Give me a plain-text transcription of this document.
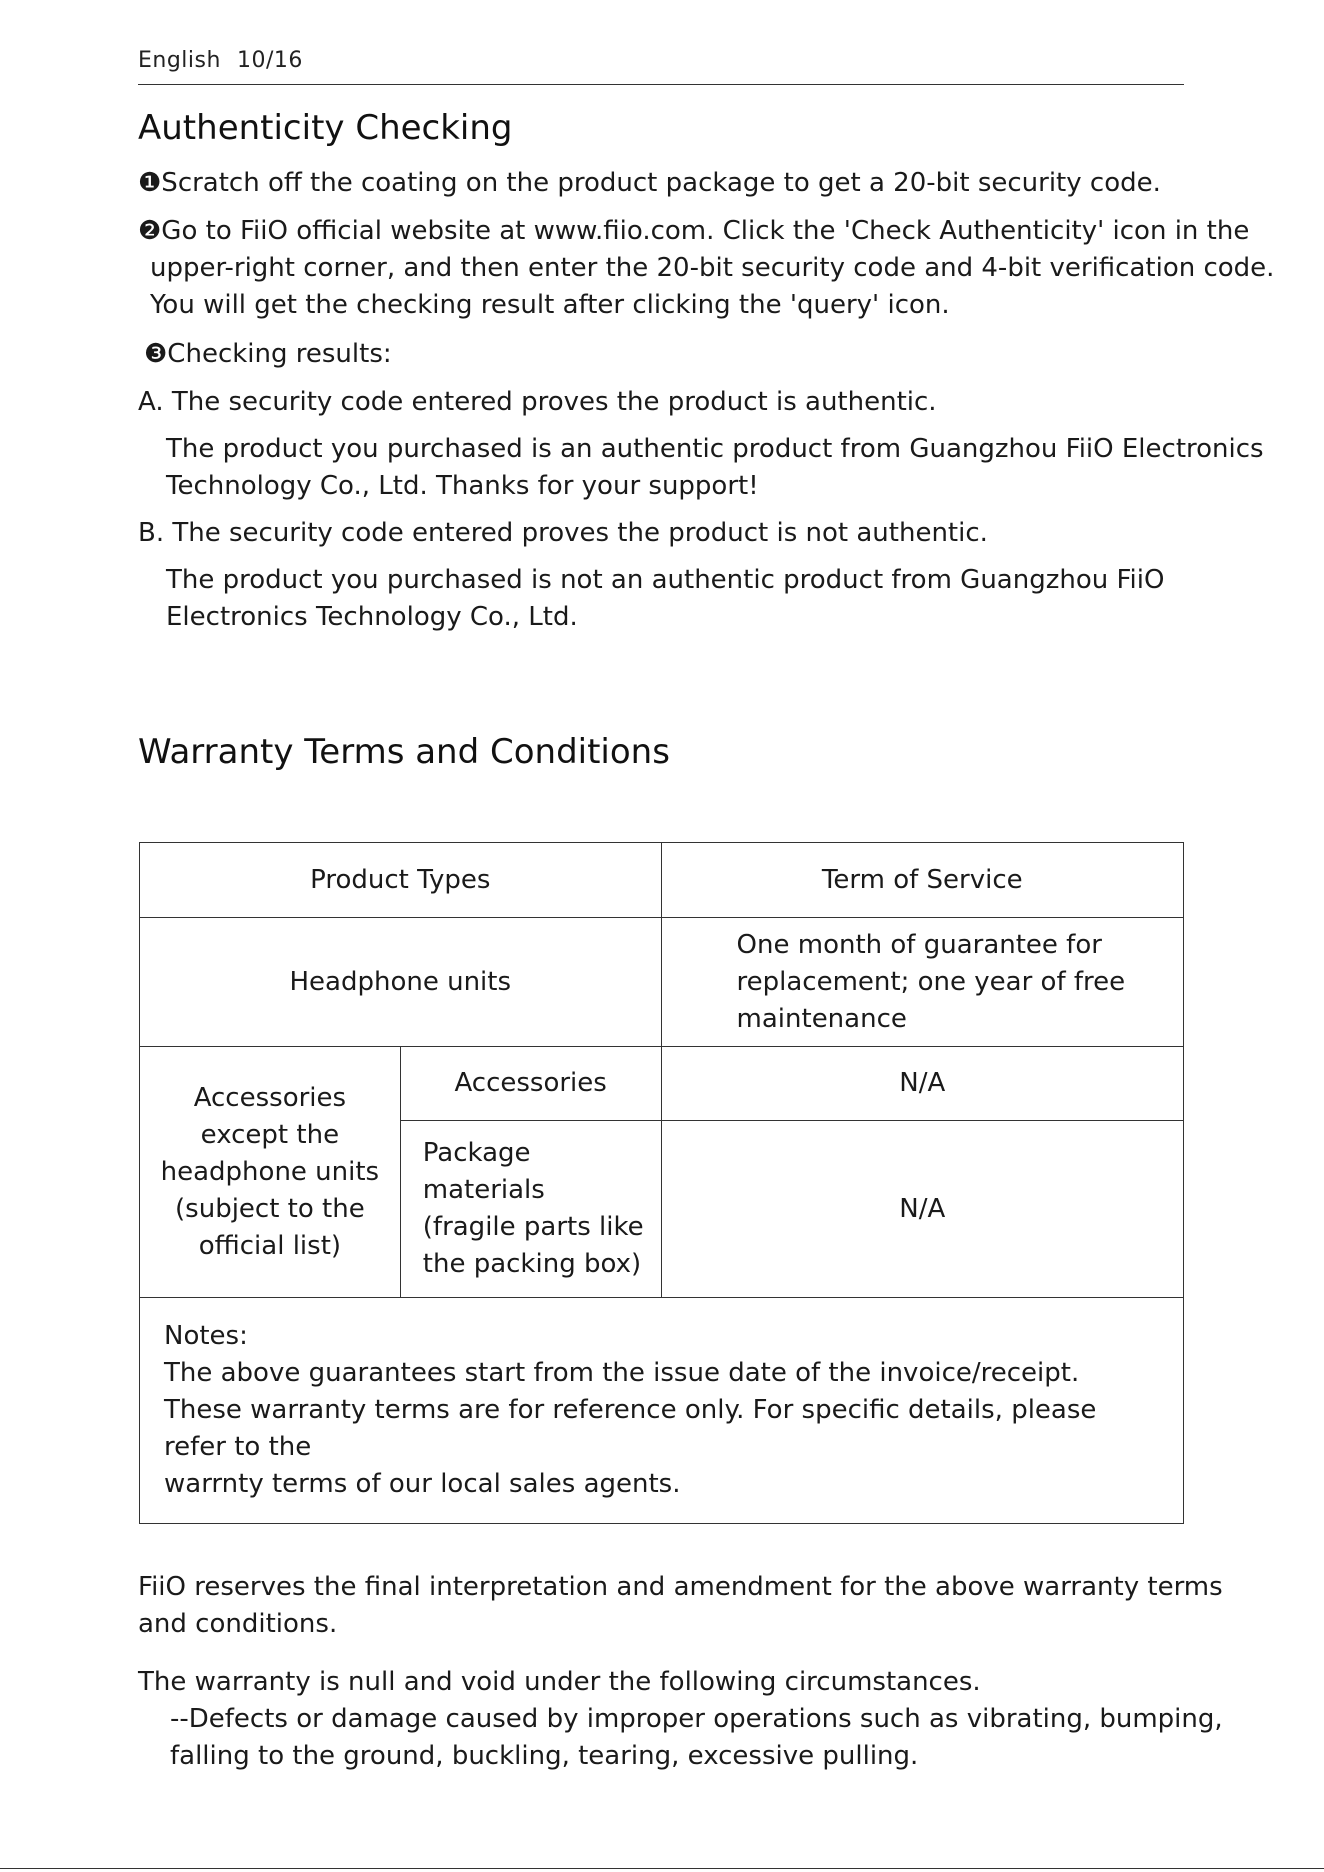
English 10/16
Authenticity Checking

❶Scratch off the coating on the product package to get a 20-bit security code.

❷Go to FiiO official website at www.fiio.com. Click the 'Check Authenticity' icon in the

upper-right corner, and then enter the 20-bit security code and 4-bit verification code.

You will get the checking result after clicking the 'query' icon.

❸Checking results:

A. The security code entered proves the product is authentic.

The product you purchased is an authentic product from Guangzhou FiiO Electronics

Technology Co., Ltd. Thanks for your support!

B. The security code entered proves the product is not authentic.

The product you purchased is not an authentic product from Guangzhou FiiO

Electronics Technology Co., Ltd.

Warranty Terms and Conditions
Product Types		Term of Service
Headphone units		One month of guarantee for
replacement; one year of free
maintenance

Accessories
except the
headphone units
(subject to the
official list)	Accessories	N/A

	Package materials
(fragile parts like
the packing box)	N/A

Notes:
The above guarantees start from the issue date of the invoice/receipt.
These warranty terms are for reference only. For specific details, please refer to the
warrnty terms of our local sales agents.		

FiiO reserves the final interpretation and amendment for the above warranty terms

and conditions.

The warranty is null and void under the following circumstances.

--Defects or damage caused by improper operations such as vibrating, bumping,

falling to the ground, buckling, tearing, excessive pulling.
